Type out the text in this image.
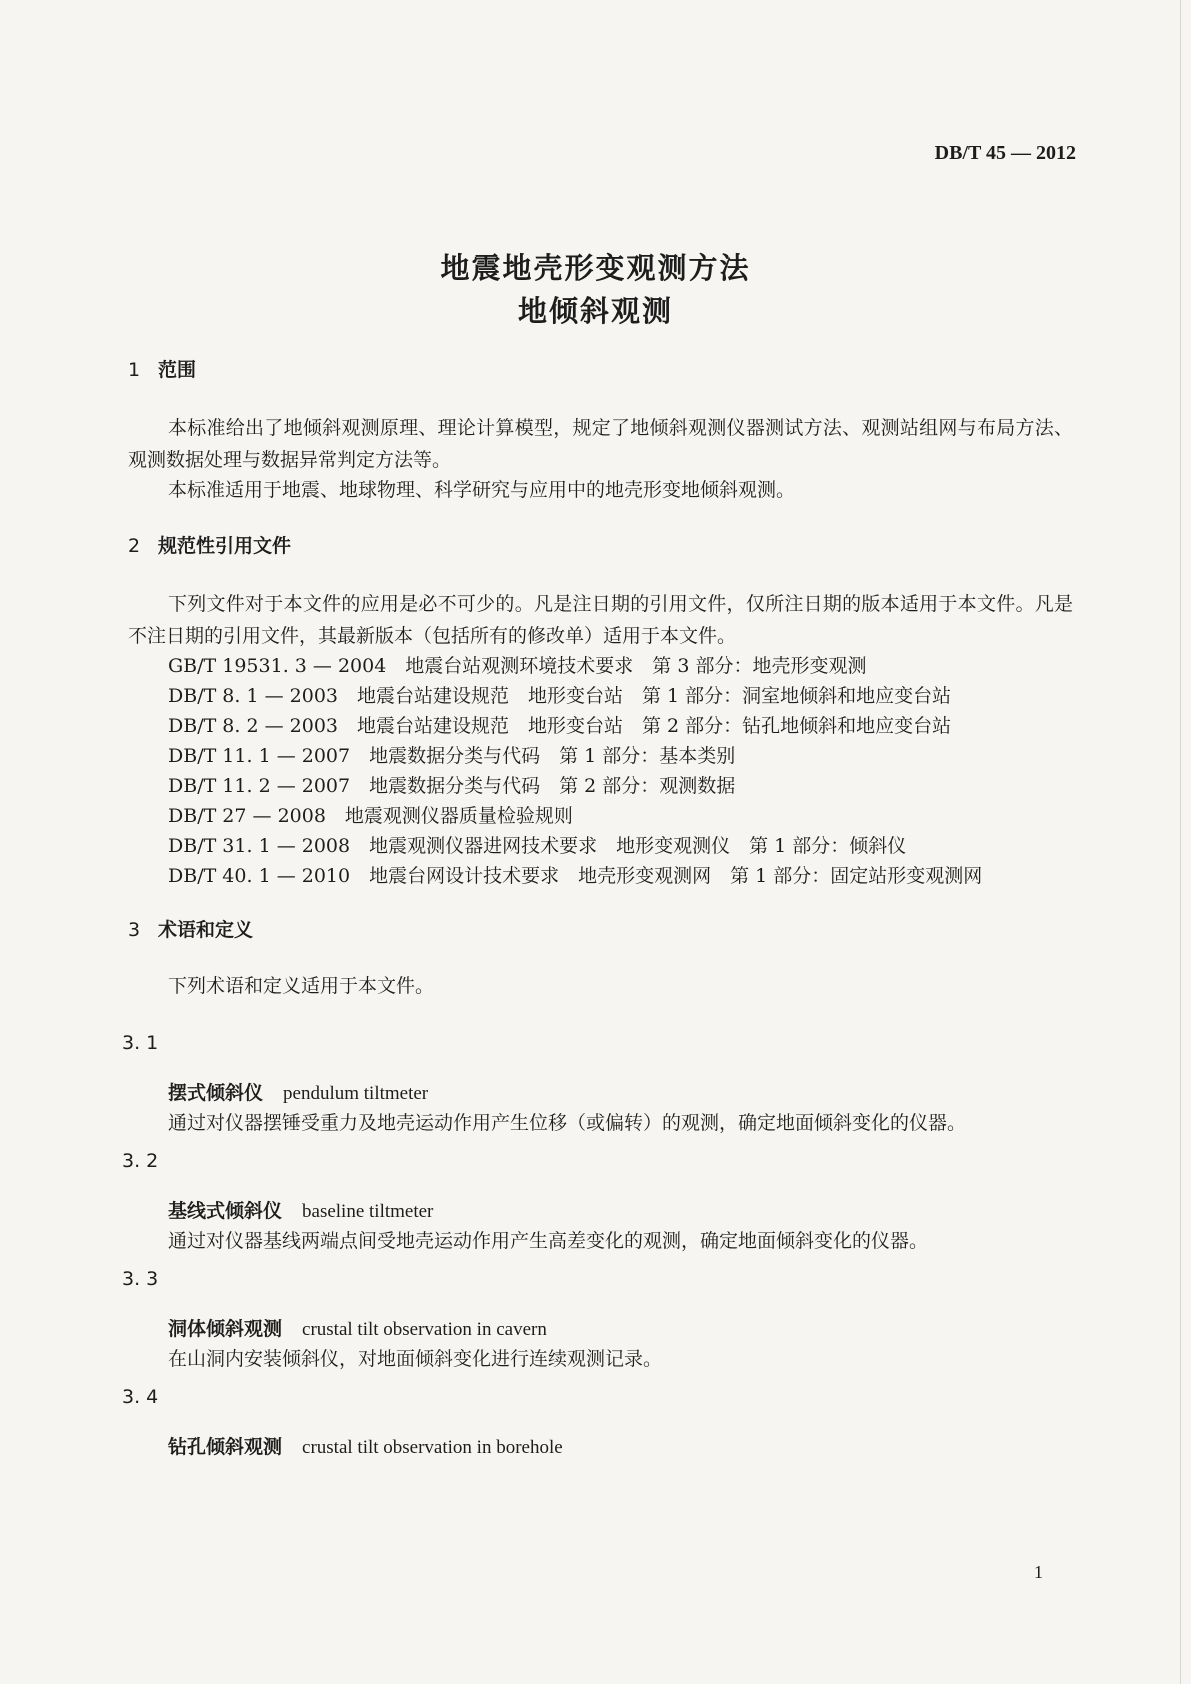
DB/T 45 — 2012
地震地壳形变观测方法
地倾斜观测
1 范围
本标准给出了地倾斜观测原理、理论计算模型，规定了地倾斜观测仪器测试方法、观测站组网与布局方法、观测数据处理与数据异常判定方法等。
本标准适用于地震、地球物理、科学研究与应用中的地壳形变地倾斜观测。
2 规范性引用文件
下列文件对于本文件的应用是必不可少的。凡是注日期的引用文件，仅所注日期的版本适用于本文件。凡是不注日期的引用文件，其最新版本（包括所有的修改单）适用于本文件。
GB/T 19531. 3 — 2004　地震台站观测环境技术要求　第 3 部分：地壳形变观测
DB/T 8. 1 — 2003　地震台站建设规范　地形变台站　第 1 部分：洞室地倾斜和地应变台站
DB/T 8. 2 — 2003　地震台站建设规范　地形变台站　第 2 部分：钻孔地倾斜和地应变台站
DB/T 11. 1 — 2007　地震数据分类与代码　第 1 部分：基本类别
DB/T 11. 2 — 2007　地震数据分类与代码　第 2 部分：观测数据
DB/T 27 — 2008　地震观测仪器质量检验规则
DB/T 31. 1 — 2008　地震观测仪器进网技术要求　地形变观测仪　第 1 部分：倾斜仪
DB/T 40. 1 — 2010　地震台网设计技术要求　地壳形变观测网　第 1 部分：固定站形变观测网
3 术语和定义
下列术语和定义适用于本文件。
3. 1
摆式倾斜仪 pendulum tiltmeter
通过对仪器摆锤受重力及地壳运动作用产生位移（或偏转）的观测，确定地面倾斜变化的仪器。
3. 2
基线式倾斜仪 baseline tiltmeter
通过对仪器基线两端点间受地壳运动作用产生高差变化的观测，确定地面倾斜变化的仪器。
3. 3
洞体倾斜观测 crustal tilt observation in cavern
在山洞内安装倾斜仪，对地面倾斜变化进行连续观测记录。
3. 4
钻孔倾斜观测 crustal tilt observation in borehole
1
